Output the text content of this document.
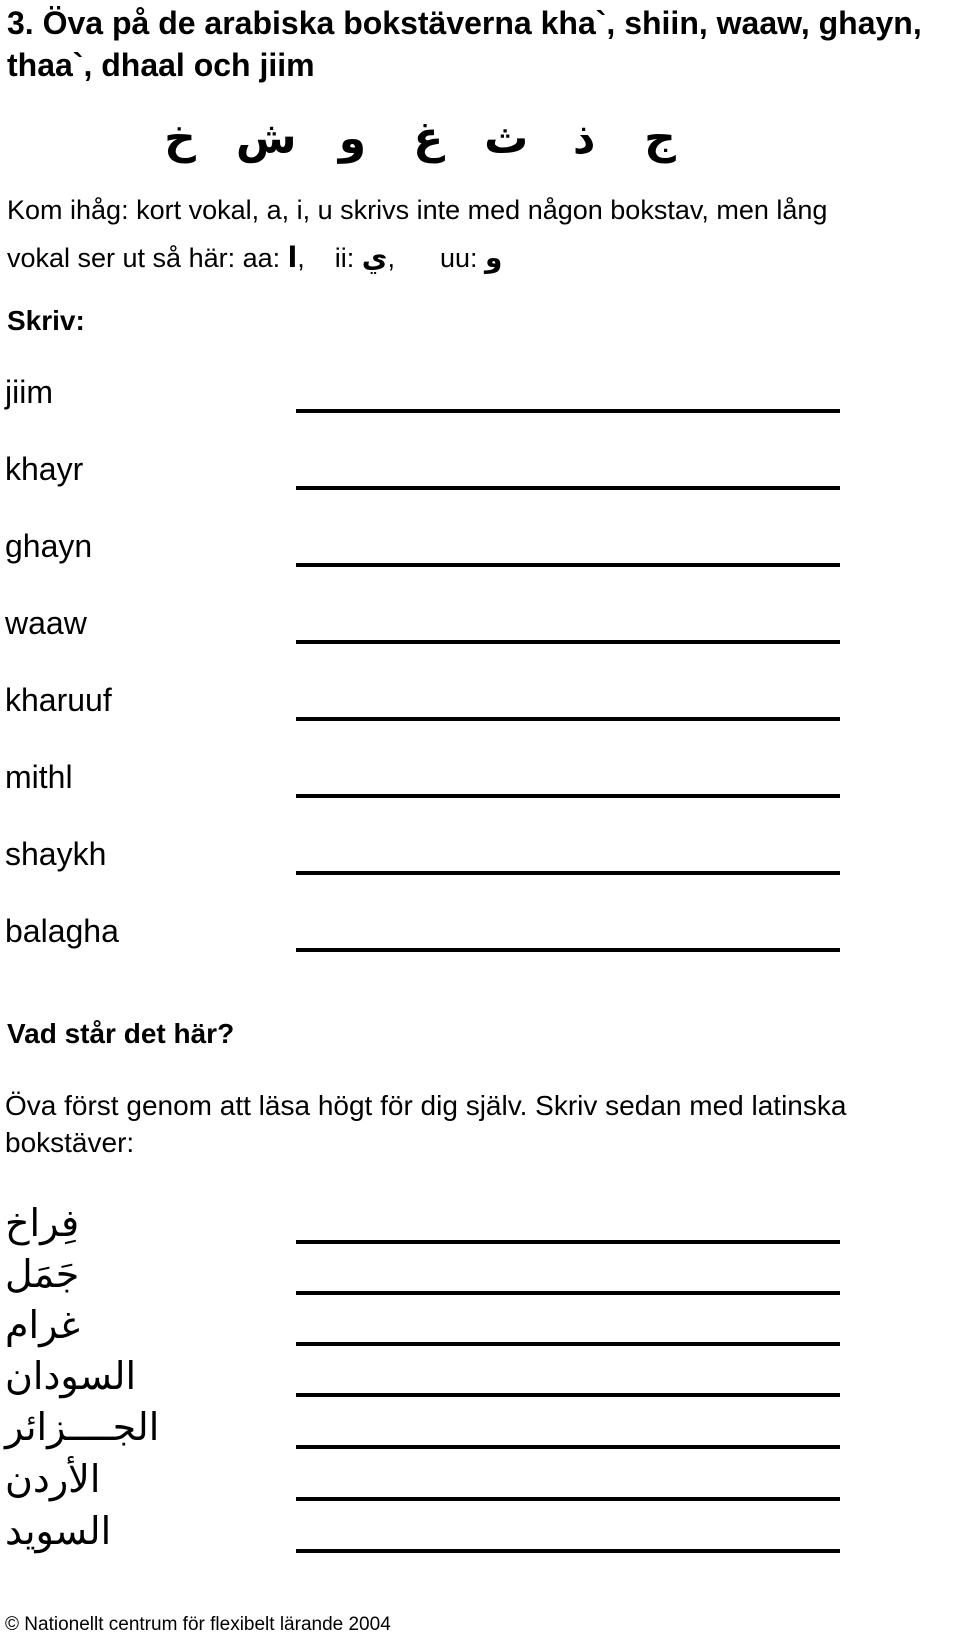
3. Öva på de arabiska bokstäverna kha`, shiin, waaw, ghayn, thaa`, dhaal och jiim
ج
ذ
ث
غ
و
ش
خ
Kom ihåg: kort vokal, a, i, u skrivs inte med någon bokstav, men lång
vokal ser ut så här: aa: ا,    ii: ي,      uu: و
Skriv:
jiim
khayr
ghayn
waaw
kharuuf
mithl
shaykh
balagha
Vad står det här?
Öva först genom att läsa högt för dig själv. Skriv sedan med latinska bokstäver:
فِراخ
جَمَل
غرام
السودان
الجــــزائر
الأردن
السويد
© Nationellt centrum för flexibelt lärande 2004
